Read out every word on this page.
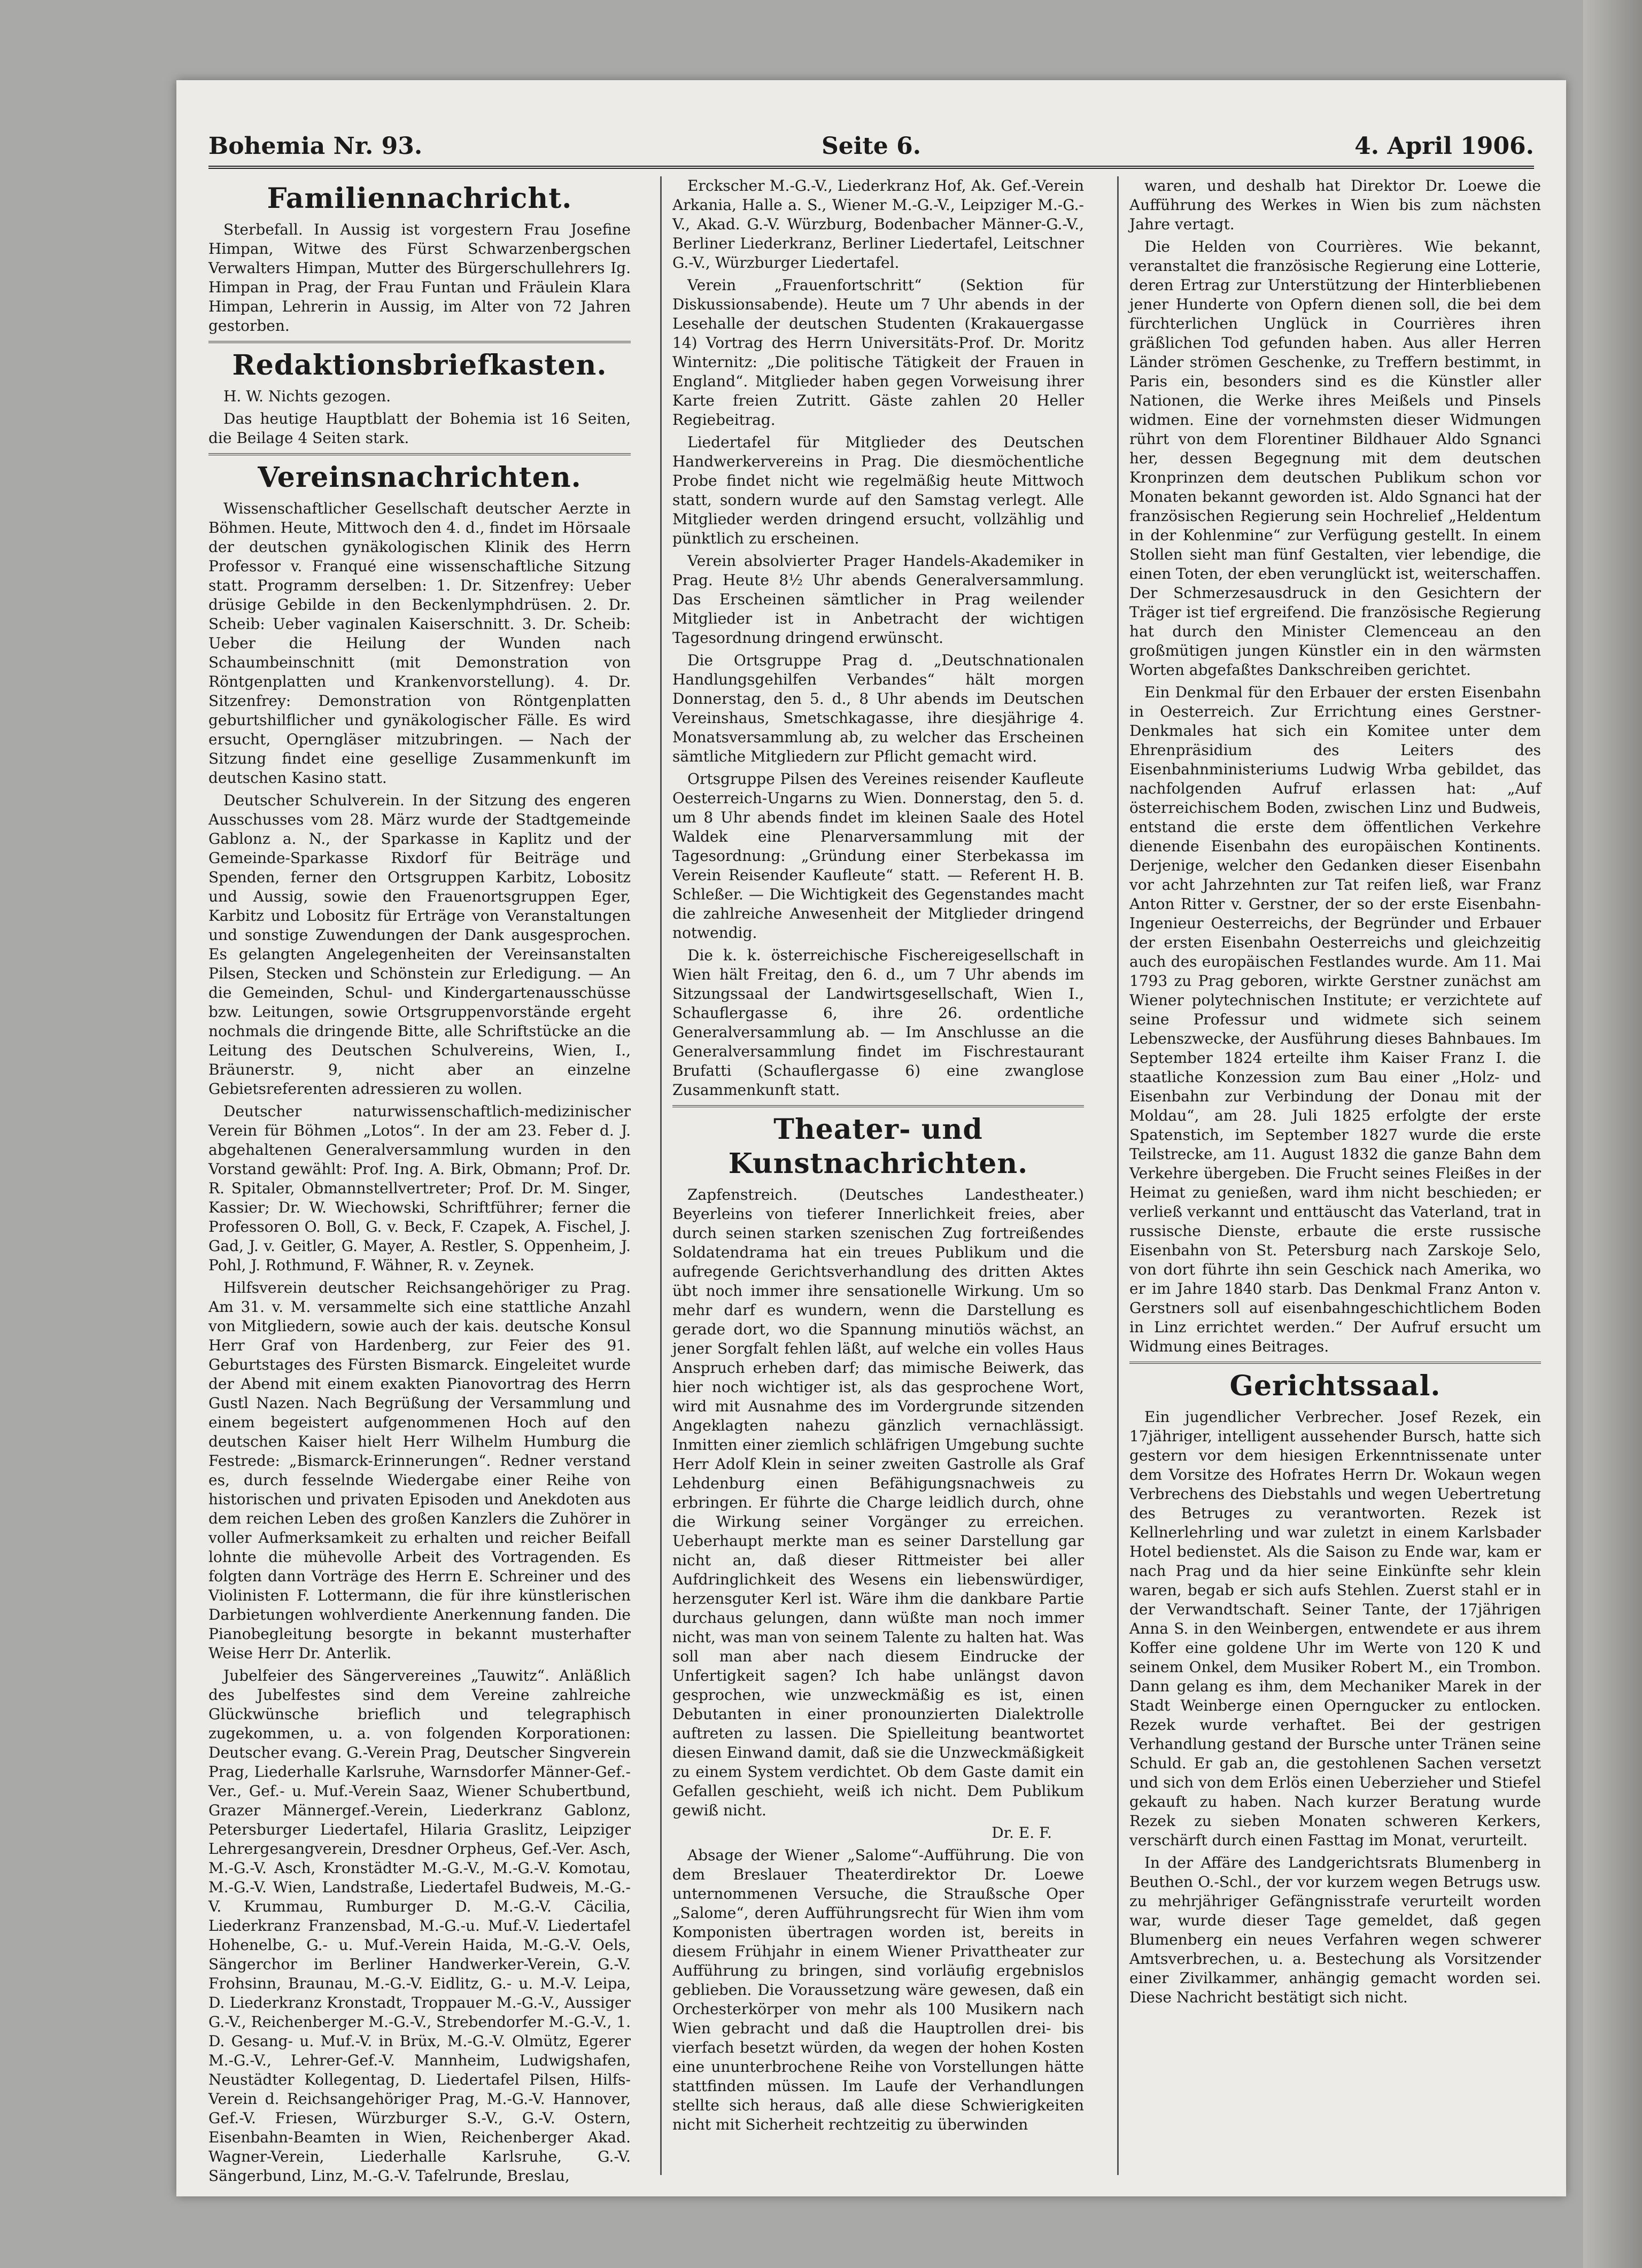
Bohemia Nr. 93.	Seite 6.	4. April 1906.
Familiennachricht.

Sterbefall. In Aussig ist vorgestern Frau Josefine Himpan, Witwe des Fürst Schwarzenbergschen Verwalters Himpan, Mutter des Bürgerschullehrers Ig. Himpan in Prag, der Frau Funtan und Fräulein Klara Himpan, Lehrerin in Aussig, im Alter von 72 Jahren gestorben.

Redaktionsbriefkasten.

H. W. Nichts gezogen.

Das heutige Hauptblatt der Bohemia ist 16 Seiten, die Beilage 4 Seiten stark.

Vereinsnachrichten.

Wissenschaftlicher Gesellschaft deutscher Aerzte in Böhmen. Heute, Mittwoch den 4. d., findet im Hörsaale der deutschen gynäkologischen Klinik des Herrn Professor v. Franqué eine wissenschaftliche Sitzung statt. Programm derselben: 1. Dr. Sitzenfrey: Ueber drüsige Gebilde in den Beckenlymphdrüsen. 2. Dr. Scheib: Ueber vaginalen Kaiserschnitt. 3. Dr. Scheib: Ueber die Heilung der Wunden nach Schaumbeinschnitt (mit Demonstration von Röntgenplatten und Krankenvorstellung). 4. Dr. Sitzenfrey: Demonstration von Röntgenplatten geburtshilflicher und gynäkologischer Fälle. Es wird ersucht, Operngläser mitzubringen. — Nach der Sitzung findet eine gesellige Zusammenkunft im deutschen Kasino statt.

Deutscher Schulverein. In der Sitzung des engeren Ausschusses vom 28. März wurde der Stadtgemeinde Gablonz a. N., der Sparkasse in Kaplitz und der Gemeinde-Sparkasse Rixdorf für Beiträge und Spenden, ferner den Ortsgruppen Karbitz, Lobositz und Aussig, sowie den Frauenortsgruppen Eger, Karbitz und Lobositz für Erträge von Veranstaltungen und sonstige Zuwendungen der Dank ausgesprochen. Es gelangten Angelegenheiten der Vereinsanstalten Pilsen, Stecken und Schönstein zur Erledigung. — An die Gemeinden, Schul- und Kindergartenausschüsse bzw. Leitungen, sowie Ortsgruppenvorstände ergeht nochmals die dringende Bitte, alle Schriftstücke an die Leitung des Deutschen Schulvereins, Wien, I., Bräunerstr. 9, nicht aber an einzelne Gebietsreferenten adressieren zu wollen.

Deutscher naturwissenschaftlich-medizinischer Verein für Böhmen „Lotos“. In der am 23. Feber d. J. abgehaltenen Generalversammlung wurden in den Vorstand gewählt: Prof. Ing. A. Birk, Obmann; Prof. Dr. R. Spitaler, Obmannstellvertreter; Prof. Dr. M. Singer, Kassier; Dr. W. Wiechowski, Schriftführer; ferner die Professoren O. Boll, G. v. Beck, F. Czapek, A. Fischel, J. Gad, J. v. Geitler, G. Mayer, A. Restler, S. Oppenheim, J. Pohl, J. Rothmund, F. Wähner, R. v. Zeynek.

Hilfsverein deutscher Reichsangehöriger zu Prag. Am 31. v. M. versammelte sich eine stattliche Anzahl von Mitgliedern, sowie auch der kais. deutsche Konsul Herr Graf von Hardenberg, zur Feier des 91. Geburtstages des Fürsten Bismarck. Eingeleitet wurde der Abend mit einem exakten Pianovortrag des Herrn Gustl Nazen. Nach Begrüßung der Versammlung und einem begeistert aufgenommenen Hoch auf den deutschen Kaiser hielt Herr Wilhelm Humburg die Festrede: „Bismarck-Erinnerungen“. Redner verstand es, durch fesselnde Wiedergabe einer Reihe von historischen und privaten Episoden und Anekdoten aus dem reichen Leben des großen Kanzlers die Zuhörer in voller Aufmerksamkeit zu erhalten und reicher Beifall lohnte die mühevolle Arbeit des Vortragenden. Es folgten dann Vorträge des Herrn E. Schreiner und des Violinisten F. Lottermann, die für ihre künstlerischen Darbietungen wohlverdiente Anerkennung fanden. Die Pianobegleitung besorgte in bekannt musterhafter Weise Herr Dr. Anterlik.

Jubelfeier des Sängervereines „Tauwitz“. Anläßlich des Jubelfestes sind dem Vereine zahlreiche Glückwünsche brieflich und telegraphisch zugekommen, u. a. von folgenden Korporationen: Deutscher evang. G.-Verein Prag, Deutscher Singverein Prag, Liederhalle Karlsruhe, Warnsdorfer Männer-Gef.-Ver., Gef.- u. Muf.-Verein Saaz, Wiener Schubertbund, Grazer Männergef.-Verein, Liederkranz Gablonz, Petersburger Liedertafel, Hilaria Graslitz, Leipziger Lehrergesangverein, Dresdner Orpheus, Gef.-Ver. Asch, M.-G.-V. Asch, Kronstädter M.-G.-V., M.-G.-V. Komotau, M.-G.-V. Wien, Landstraße, Liedertafel Budweis, M.-G.-V. Krummau, Rumburger D. M.-G.-V. Cäcilia, Liederkranz Franzensbad, M.-G.-u. Muf.-V. Liedertafel Hohenelbe, G.- u. Muf.-Verein Haida, M.-G.-V. Oels, Sängerchor im Berliner Handwerker-Verein, G.-V. Frohsinn, Braunau, M.-G.-V. Eidlitz, G.- u. M.-V. Leipa, D. Liederkranz Kronstadt, Troppauer M.-G.-V., Aussiger G.-V., Reichenberger M.-G.-V., Strebendorfer M.-G.-V., 1. D. Gesang- u. Muf.-V. in Brüx, M.-G.-V. Olmütz, Egerer M.-G.-V., Lehrer-Gef.-V. Mannheim, Ludwigshafen, Neustädter Kollegentag, D. Liedertafel Pilsen, Hilfs-Verein d. Reichsangehöriger Prag, M.-G.-V. Hannover, Gef.-V. Friesen, Würzburger S.-V., G.-V. Ostern, Eisenbahn-Beamten in Wien, Reichenberger Akad. Wagner-Verein, Liederhalle Karlsruhe, G.-V. Sängerbund, Linz, M.-G.-V. Tafelrunde, Breslau,

Erckscher M.-G.-V., Liederkranz Hof, Ak. Gef.-Verein Arkania, Halle a. S., Wiener M.-G.-V., Leipziger M.-G.-V., Akad. G.-V. Würzburg, Bodenbacher Männer-G.-V., Berliner Liederkranz, Berliner Liedertafel, Leitschner G.-V., Würzburger Liedertafel.

Verein „Frauenfortschritt“ (Sektion für Diskussionsabende). Heute um 7 Uhr abends in der Lesehalle der deutschen Studenten (Krakauergasse 14) Vortrag des Herrn Universitäts-Prof. Dr. Moritz Winternitz: „Die politische Tätigkeit der Frauen in England“. Mitglieder haben gegen Vorweisung ihrer Karte freien Zutritt. Gäste zahlen 20 Heller Regiebeitrag.

Liedertafel für Mitglieder des Deutschen Handwerkervereins in Prag. Die diesmöchentliche Probe findet nicht wie regelmäßig heute Mittwoch statt, sondern wurde auf den Samstag verlegt. Alle Mitglieder werden dringend ersucht, vollzählig und pünktlich zu erscheinen.

Verein absolvierter Prager Handels-Akademiker in Prag. Heute 8½ Uhr abends Generalversammlung. Das Erscheinen sämtlicher in Prag weilender Mitglieder ist in Anbetracht der wichtigen Tagesordnung dringend erwünscht.

Die Ortsgruppe Prag d. „Deutschnationalen Handlungsgehilfen Verbandes“ hält morgen Donnerstag, den 5. d., 8 Uhr abends im Deutschen Vereinshaus, Smetschkagasse, ihre diesjährige 4. Monatsversammlung ab, zu welcher das Erscheinen sämtliche Mitgliedern zur Pflicht gemacht wird.

Ortsgruppe Pilsen des Vereines reisender Kaufleute Oesterreich-Ungarns zu Wien. Donnerstag, den 5. d. um 8 Uhr abends findet im kleinen Saale des Hotel Waldek eine Plenarversammlung mit der Tagesordnung: „Gründung einer Sterbekassa im Verein Reisender Kaufleute“ statt. — Referent H. B. Schleßer. — Die Wichtigkeit des Gegenstandes macht die zahlreiche Anwesenheit der Mitglieder dringend notwendig.

Die k. k. österreichische Fischereigesellschaft in Wien hält Freitag, den 6. d., um 7 Uhr abends im Sitzungssaal der Landwirtsgesellschaft, Wien I., Schauflergasse 6, ihre 26. ordentliche Generalversammlung ab. — Im Anschlusse an die Generalversammlung findet im Fischrestaurant Brufatti (Schauflergasse 6) eine zwanglose Zusammenkunft statt.

Theater- und Kunstnachrichten.

Zapfenstreich. (Deutsches Landestheater.) Beyerleins von tieferer Innerlichkeit freies, aber durch seinen starken szenischen Zug fortreißendes Soldatendrama hat ein treues Publikum und die aufregende Gerichtsverhandlung des dritten Aktes übt noch immer ihre sensationelle Wirkung. Um so mehr darf es wundern, wenn die Darstellung es gerade dort, wo die Spannung minutiös wächst, an jener Sorgfalt fehlen läßt, auf welche ein volles Haus Anspruch erheben darf; das mimische Beiwerk, das hier noch wichtiger ist, als das gesprochene Wort, wird mit Ausnahme des im Vordergrunde sitzenden Angeklagten nahezu gänzlich vernachlässigt. Inmitten einer ziemlich schläfrigen Umgebung suchte Herr Adolf Klein in seiner zweiten Gastrolle als Graf Lehdenburg einen Befähigungsnachweis zu erbringen. Er führte die Charge leidlich durch, ohne die Wirkung seiner Vorgänger zu erreichen. Ueberhaupt merkte man es seiner Darstellung gar nicht an, daß dieser Rittmeister bei aller Aufdringlichkeit des Wesens ein liebenswürdiger, herzensguter Kerl ist. Wäre ihm die dankbare Partie durchaus gelungen, dann wüßte man noch immer nicht, was man von seinem Talente zu halten hat. Was soll man aber nach diesem Eindrucke der Unfertigkeit sagen? Ich habe unlängst davon gesprochen, wie unzweckmäßig es ist, einen Debutanten in einer pronounzierten Dialektrolle auftreten zu lassen. Die Spielleitung beantwortet diesen Einwand damit, daß sie die Unzweckmäßigkeit zu einem System verdichtet. Ob dem Gaste damit ein Gefallen geschieht, weiß ich nicht. Dem Publikum gewiß nicht.

Dr. E. F.

Absage der Wiener „Salome“-Aufführung. Die von dem Breslauer Theaterdirektor Dr. Loewe unternommenen Versuche, die Straußsche Oper „Salome“, deren Aufführungsrecht für Wien ihm vom Komponisten übertragen worden ist, bereits in diesem Frühjahr in einem Wiener Privattheater zur Aufführung zu bringen, sind vorläufig ergebnislos geblieben. Die Voraussetzung wäre gewesen, daß ein Orchesterkörper von mehr als 100 Musikern nach Wien gebracht und daß die Hauptrollen drei- bis vierfach besetzt würden, da wegen der hohen Kosten eine ununterbrochene Reihe von Vorstellungen hätte stattfinden müssen. Im Laufe der Verhandlungen stellte sich heraus, daß alle diese Schwierigkeiten nicht mit Sicherheit rechtzeitig zu überwinden

waren, und deshalb hat Direktor Dr. Loewe die Aufführung des Werkes in Wien bis zum nächsten Jahre vertagt.

Die Helden von Courrières. Wie bekannt, veranstaltet die französische Regierung eine Lotterie, deren Ertrag zur Unterstützung der Hinterbliebenen jener Hunderte von Opfern dienen soll, die bei dem fürchterlichen Unglück in Courrières ihren gräßlichen Tod gefunden haben. Aus aller Herren Länder strömen Geschenke, zu Treffern bestimmt, in Paris ein, besonders sind es die Künstler aller Nationen, die Werke ihres Meißels und Pinsels widmen. Eine der vornehmsten dieser Widmungen rührt von dem Florentiner Bildhauer Aldo Sgnanci her, dessen Begegnung mit dem deutschen Kronprinzen dem deutschen Publikum schon vor Monaten bekannt geworden ist. Aldo Sgnanci hat der französischen Regierung sein Hochrelief „Heldentum in der Kohlenmine“ zur Verfügung gestellt. In einem Stollen sieht man fünf Gestalten, vier lebendige, die einen Toten, der eben verunglückt ist, weiterschaffen. Der Schmerzesausdruck in den Gesichtern der Träger ist tief ergreifend. Die französische Regierung hat durch den Minister Clemenceau an den großmütigen jungen Künstler ein in den wärmsten Worten abgefaßtes Dankschreiben gerichtet.

Ein Denkmal für den Erbauer der ersten Eisenbahn in Oesterreich. Zur Errichtung eines Gerstner-Denkmales hat sich ein Komitee unter dem Ehrenpräsidium des Leiters des Eisenbahnministeriums Ludwig Wrba gebildet, das nachfolgenden Aufruf erlassen hat: „Auf österreichischem Boden, zwischen Linz und Budweis, entstand die erste dem öffentlichen Verkehre dienende Eisenbahn des europäischen Kontinents. Derjenige, welcher den Gedanken dieser Eisenbahn vor acht Jahrzehnten zur Tat reifen ließ, war Franz Anton Ritter v. Gerstner, der so der erste Eisenbahn-Ingenieur Oesterreichs, der Begründer und Erbauer der ersten Eisenbahn Oesterreichs und gleichzeitig auch des europäischen Festlandes wurde. Am 11. Mai 1793 zu Prag geboren, wirkte Gerstner zunächst am Wiener polytechnischen Institute; er verzichtete auf seine Professur und widmete sich seinem Lebenszwecke, der Ausführung dieses Bahnbaues. Im September 1824 erteilte ihm Kaiser Franz I. die staatliche Konzession zum Bau einer „Holz- und Eisenbahn zur Verbindung der Donau mit der Moldau“, am 28. Juli 1825 erfolgte der erste Spatenstich, im September 1827 wurde die erste Teilstrecke, am 11. August 1832 die ganze Bahn dem Verkehre übergeben. Die Frucht seines Fleißes in der Heimat zu genießen, ward ihm nicht beschieden; er verließ verkannt und enttäuscht das Vaterland, trat in russische Dienste, erbaute die erste russische Eisenbahn von St. Petersburg nach Zarskoje Selo, von dort führte ihn sein Geschick nach Amerika, wo er im Jahre 1840 starb. Das Denkmal Franz Anton v. Gerstners soll auf eisenbahngeschichtlichem Boden in Linz errichtet werden.“ Der Aufruf ersucht um Widmung eines Beitrages.

Gerichtssaal.

Ein jugendlicher Verbrecher. Josef Rezek, ein 17jähriger, intelligent aussehender Bursch, hatte sich gestern vor dem hiesigen Erkenntnissenate unter dem Vorsitze des Hofrates Herrn Dr. Wokaun wegen Verbrechens des Diebstahls und wegen Uebertretung des Betruges zu verantworten. Rezek ist Kellnerlehrling und war zuletzt in einem Karlsbader Hotel bedienstet. Als die Saison zu Ende war, kam er nach Prag und da hier seine Einkünfte sehr klein waren, begab er sich aufs Stehlen. Zuerst stahl er in der Verwandtschaft. Seiner Tante, der 17jährigen Anna S. in den Weinbergen, entwendete er aus ihrem Koffer eine goldene Uhr im Werte von 120 K und seinem Onkel, dem Musiker Robert M., ein Trombon. Dann gelang es ihm, dem Mechaniker Marek in der Stadt Weinberge einen Operngucker zu entlocken. Rezek wurde verhaftet. Bei der gestrigen Verhandlung gestand der Bursche unter Tränen seine Schuld. Er gab an, die gestohlenen Sachen versetzt und sich von dem Erlös einen Ueberzieher und Stiefel gekauft zu haben. Nach kurzer Beratung wurde Rezek zu sieben Monaten schweren Kerkers, verschärft durch einen Fasttag im Monat, verurteilt.

In der Affäre des Landgerichtsrats Blumenberg in Beuthen O.-Schl., der vor kurzem wegen Betrugs usw. zu mehrjähriger Gefängnisstrafe verurteilt worden war, wurde dieser Tage gemeldet, daß gegen Blumenberg ein neues Verfahren wegen schwerer Amtsverbrechen, u. a. Bestechung als Vorsitzender einer Zivilkammer, anhängig gemacht worden sei. Diese Nachricht bestätigt sich nicht.
